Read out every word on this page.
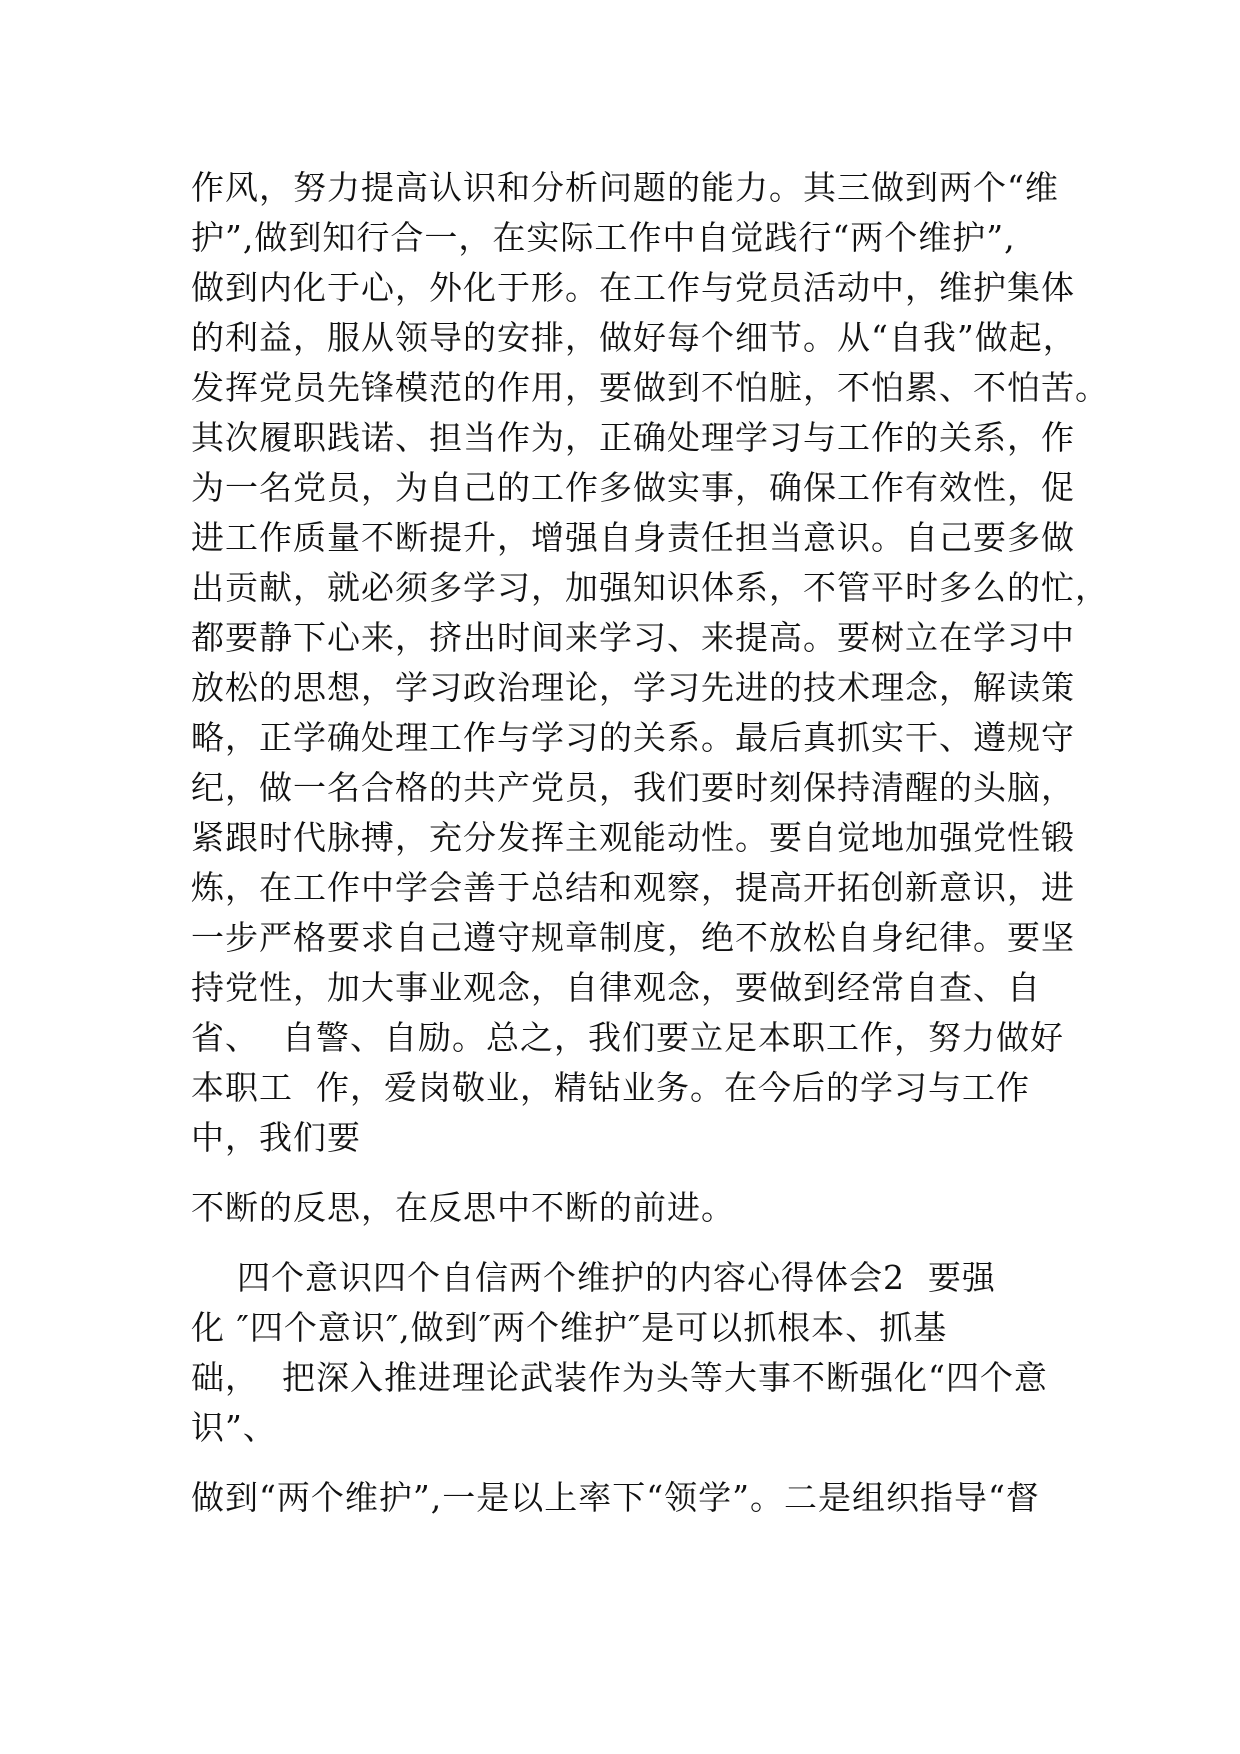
作风，努力提高认识和分析问题的能力。其三做到两个“维
护”,做到知行合一，在实际工作中自觉践行“两个维护”,
做到内化于心，外化于形。在工作与党员活动中，维护集体
的利益，服从领导的安排，做好每个细节。从“自我”做起，
发挥党员先锋模范的作用，要做到不怕脏，不怕累、不怕苦。
其次履职践诺、担当作为，正确处理学习与工作的关系，作
为一名党员，为自己的工作多做实事，确保工作有效性，促
进工作质量不断提升，增强自身责任担当意识。自己要多做
出贡献，就必须多学习，加强知识体系，不管平时多么的忙，
都要静下心来，挤出时间来学习、来提高。要树立在学习中
放松的思想，学习政治理论，学习先进的技术理念，解读策
略，正学确处理工作与学习的关系。最后真抓实干、遵规守
纪，做一名合格的共产党员，我们要时刻保持清醒的头脑，
紧跟时代脉搏，充分发挥主观能动性。要自觉地加强党性锻
炼，在工作中学会善于总结和观察，提高开拓创新意识，进
一步严格要求自己遵守规章制度，绝不放松自身纪律。要坚
持党性，加大事业观念，自律观念，要做到经常自查、自
省、  自警、自励。总之，我们要立足本职工作，努力做好
本职工  作，爱岗敬业，精钻业务。在今后的学习与工作
中，我们要
不断的反思，在反思中不断的前进。
四个意识四个自信两个维护的内容心得体会2  要强
化 ″四个意识″,做到″两个维护″是可以抓根本、抓基
础，  把深入推进理论武装作为头等大事不断强化“四个意
识”、
做到“两个维护”,一是以上率下“领学”。二是组织指导“督
